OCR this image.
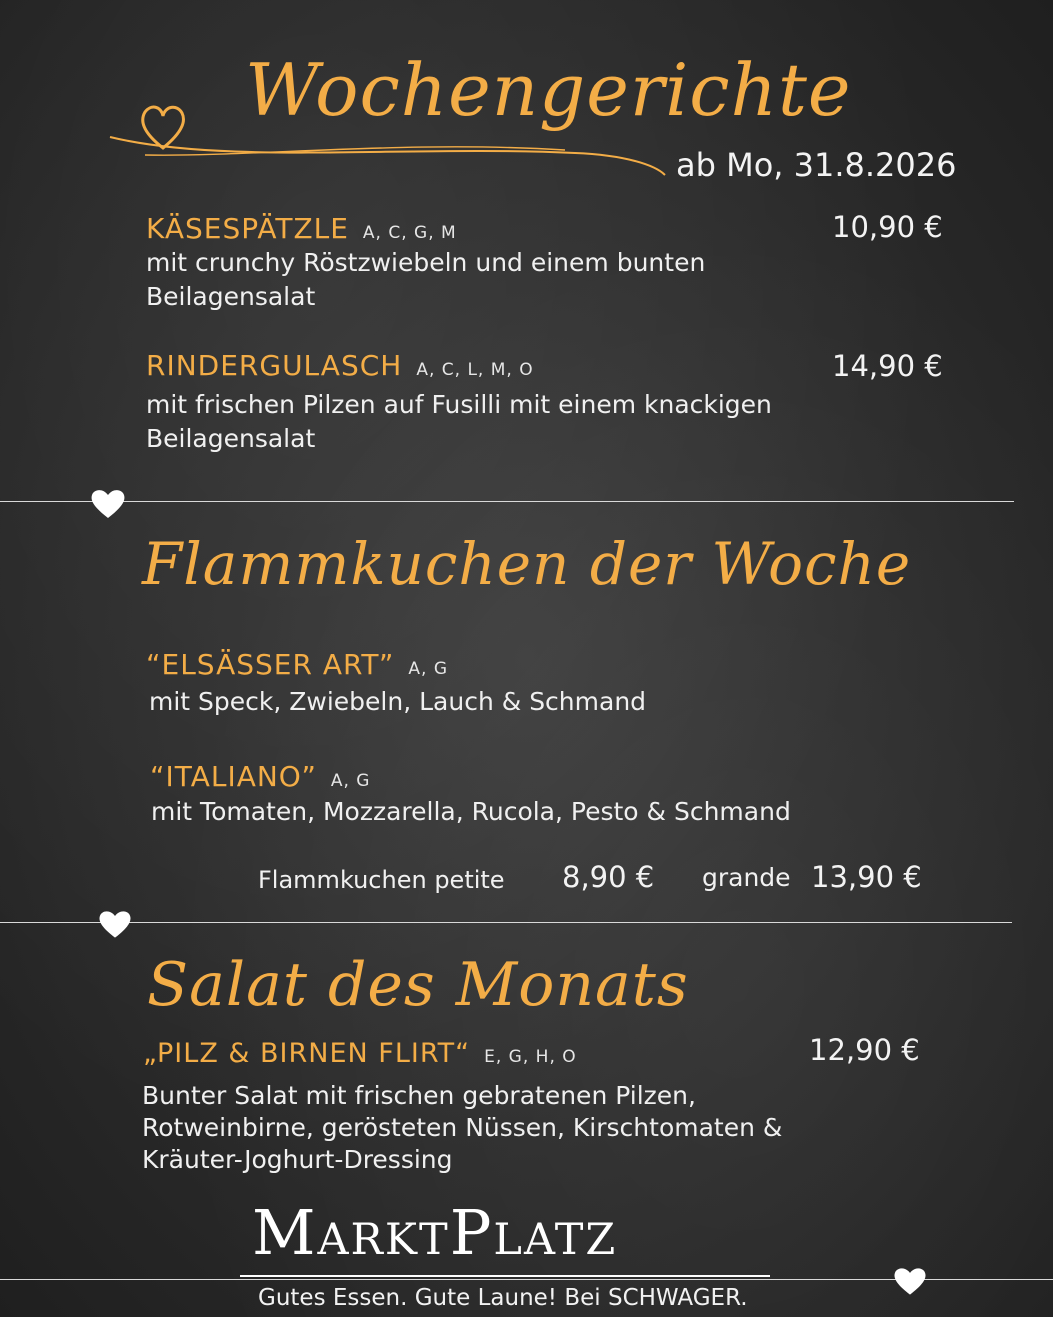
Wochengerichte
ab Mo, 31.8.2026
KÄSESPÄTZLE A, C, G, M	10,90 €
mit crunchy Röstzwiebeln und einem bunten Beilagensalat
RINDERGULASCH A, C, L, M, O	14,90 €
mit frischen Pilzen auf Fusilli mit einem knackigen Beilagensalat
Flammkuchen der Woche
“ELSÄSSER ART” A, G
mit Speck, Zwiebeln, Lauch & Schmand
“ITALIANO” A, G
mit Tomaten, Mozzarella, Rucola, Pesto & Schmand
Flammkuchen petite 8,90 € grande 13,90 €
Salat des Monats
„PILZ & BIRNEN FLIRT“ E, G, H, O	12,90 €
Bunter Salat mit frischen gebratenen Pilzen,
Rotweinbirne, gerösteten Nüssen, Kirschtomaten &
Kräuter-Joghurt-Dressing
MarktPlatz
Gutes Essen. Gute Laune! Bei SCHWAGER.
